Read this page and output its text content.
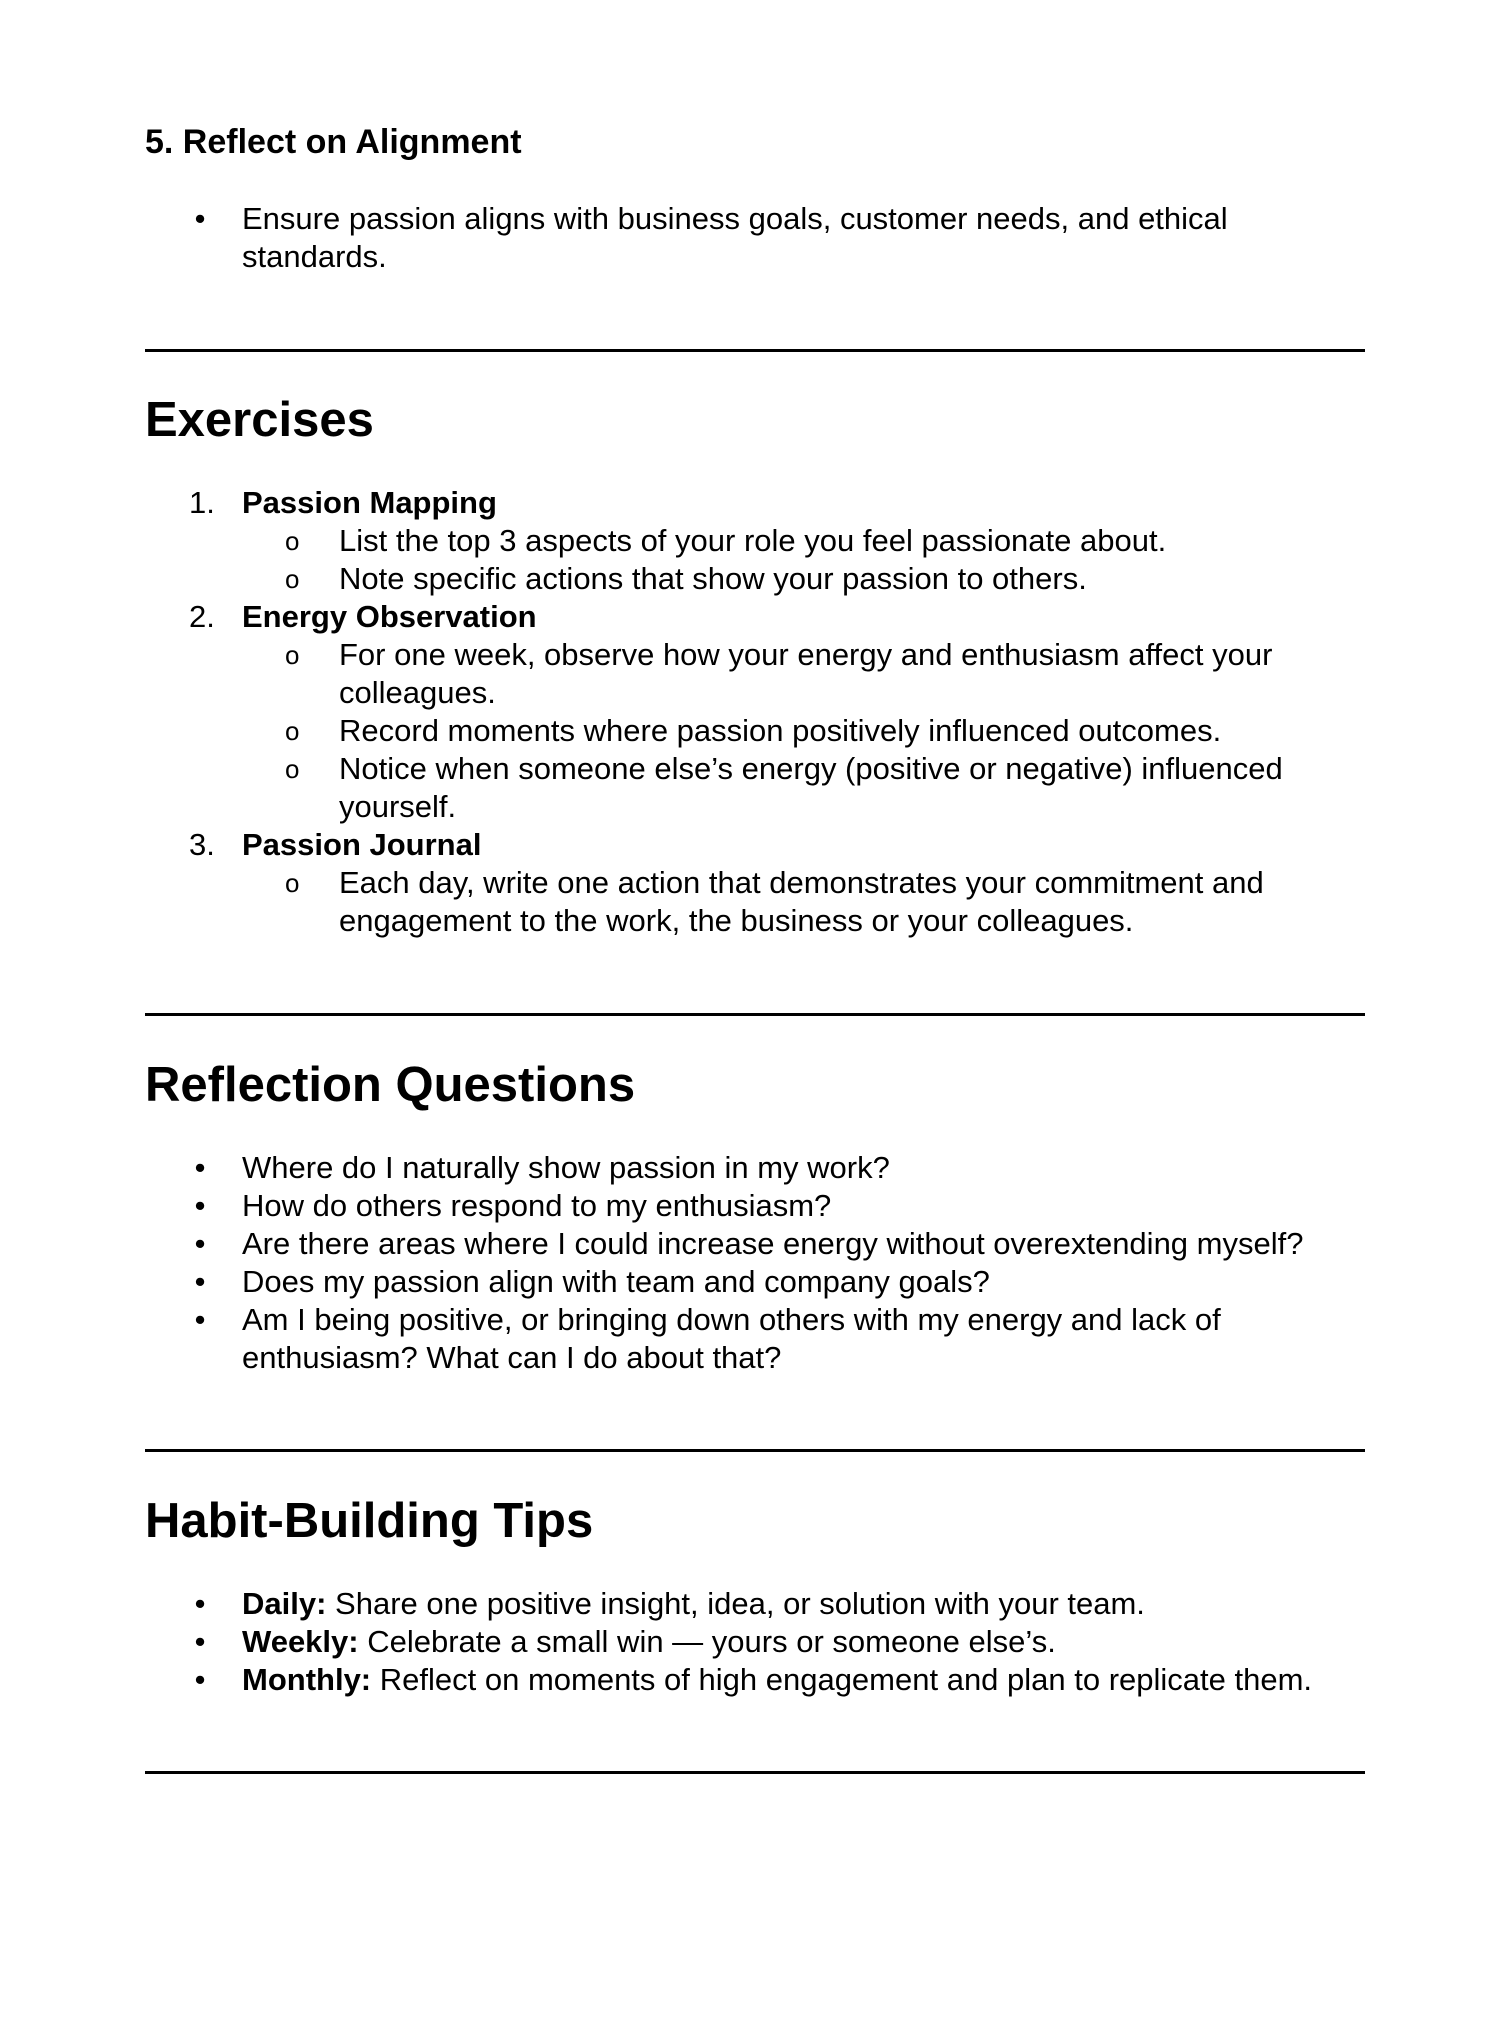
5. Reflect on Alignment
•	Ensure passion aligns with business goals, customer needs, and ethical standards.
Exercises
1. Passion Mapping
o List the top 3 aspects of your role you feel passionate about.
o Note specific actions that show your passion to others.
2. Energy Observation
o For one week, observe how your energy and enthusiasm affect your colleagues.
o Record moments where passion positively influenced outcomes.
o Notice when someone else’s energy (positive or negative) influenced yourself.
3. Passion Journal
o Each day, write one action that demonstrates your commitment and engagement to the work, the business or your colleagues.
Reflection Questions
•	Where do I naturally show passion in my work?
•	How do others respond to my enthusiasm?
•	Are there areas where I could increase energy without overextending myself?
•	Does my passion align with team and company goals?
•	Am I being positive, or bringing down others with my energy and lack of enthusiasm? What can I do about that?
Habit-Building Tips
•	Daily: Share one positive insight, idea, or solution with your team.
•	Weekly: Celebrate a small win — yours or someone else’s.
•	Monthly: Reflect on moments of high engagement and plan to replicate them.
